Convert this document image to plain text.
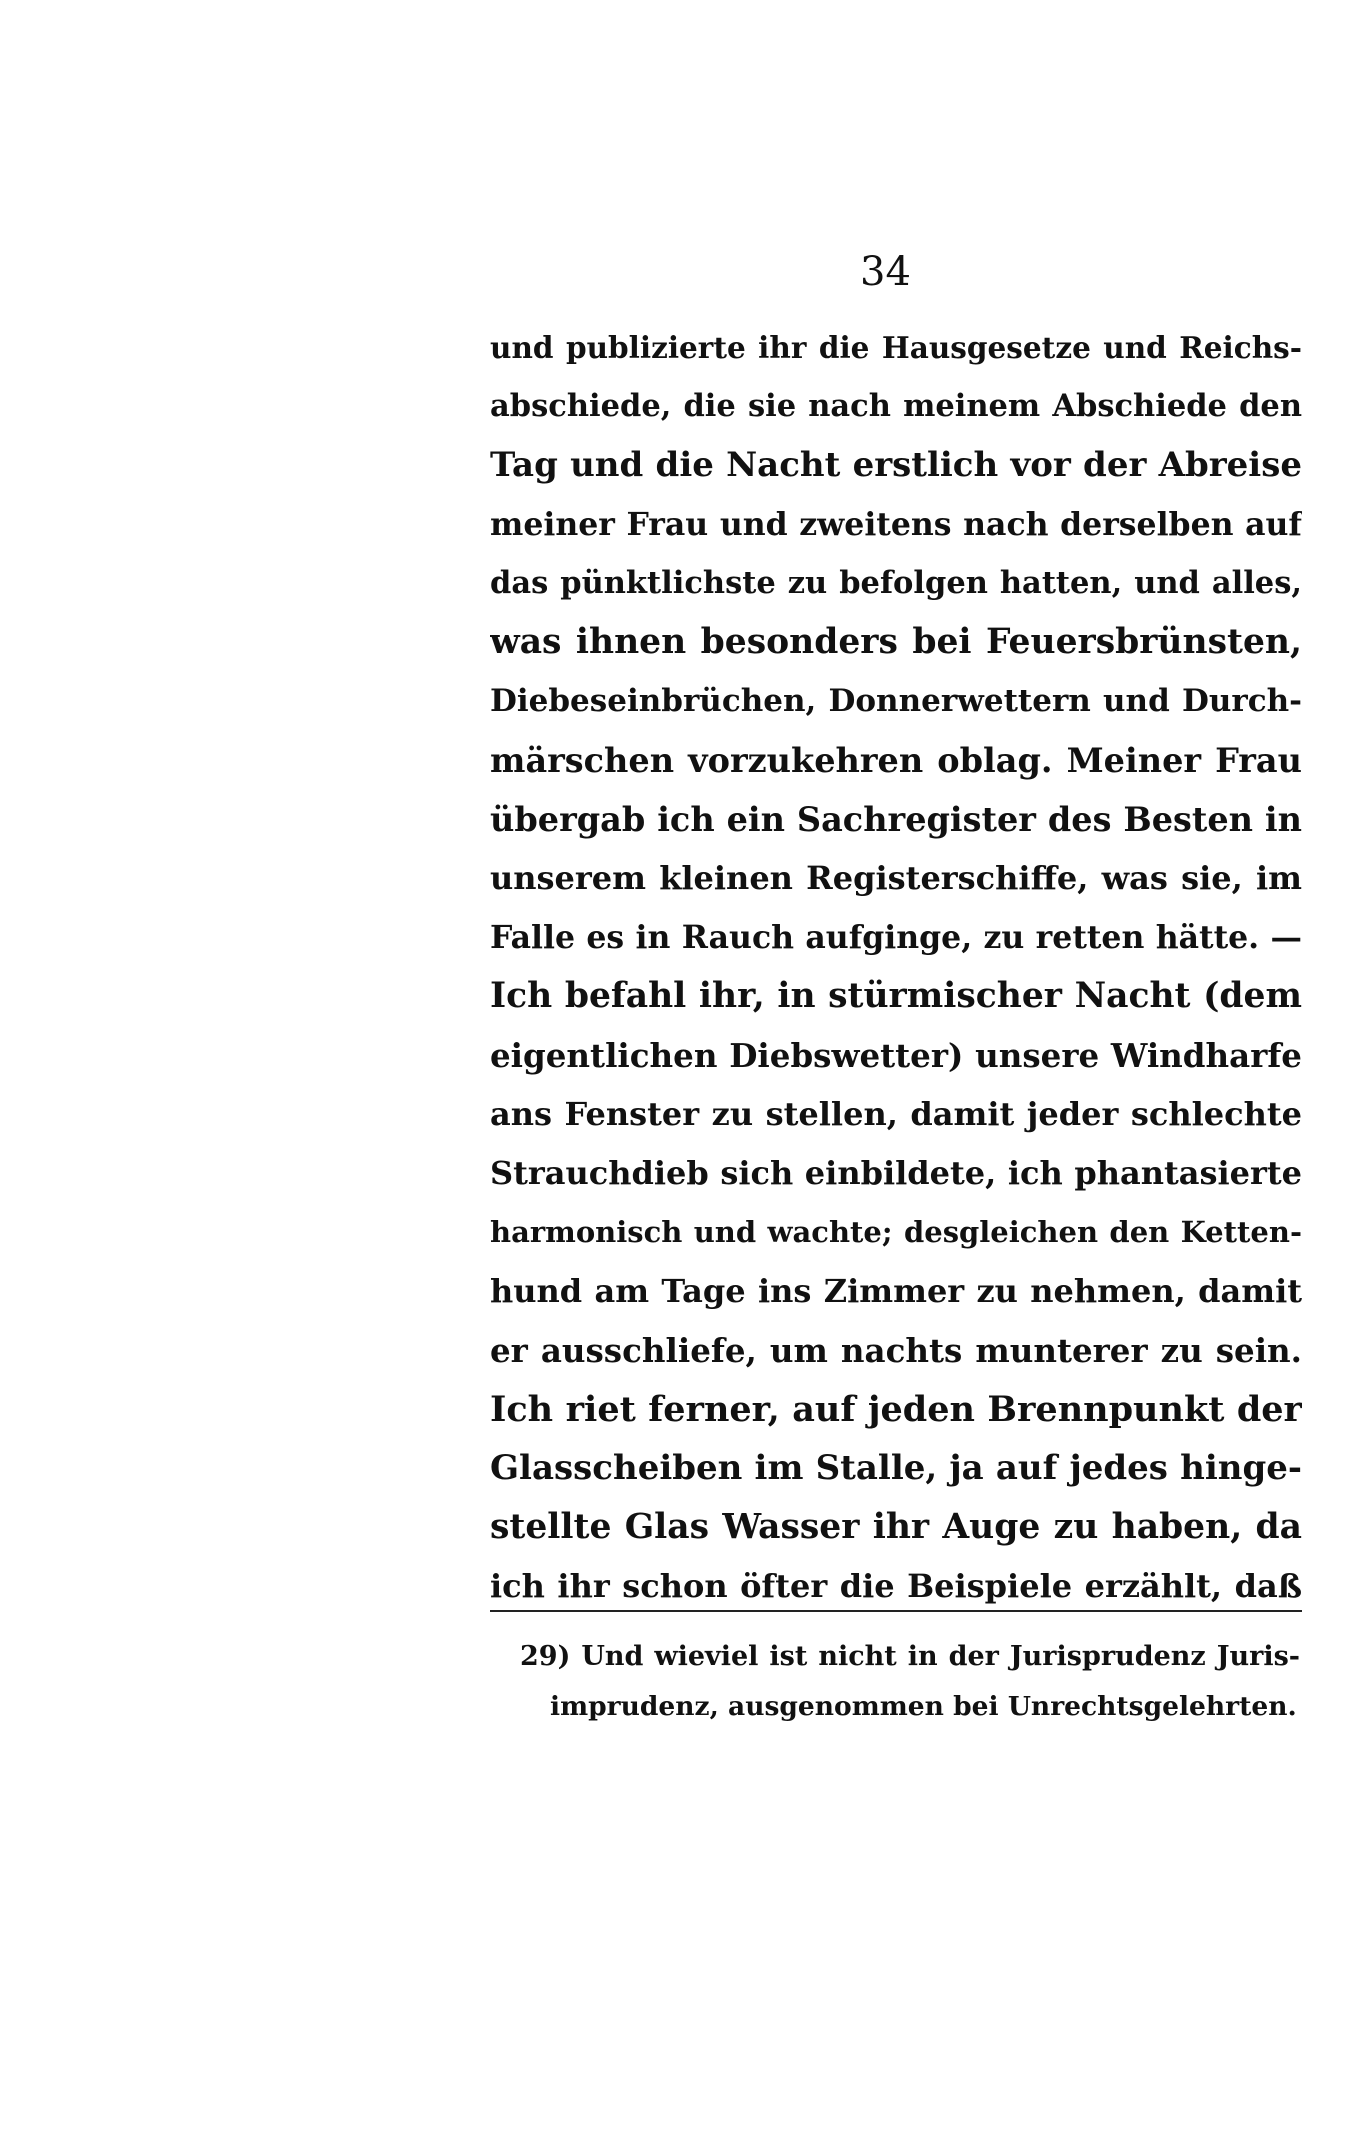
34
und publizierte ihr die Hausgesetze und Reichs-
abschiede, die sie nach meinem Abschiede den
Tag und die Nacht erstlich vor der Abreise
meiner Frau und zweitens nach derselben auf
das pünktlichste zu befolgen hatten, und alles,
was ihnen besonders bei Feuersbrünsten,
Diebeseinbrüchen, Donnerwettern und Durch-
märschen vorzukehren oblag. Meiner Frau
übergab ich ein Sachregister des Besten in
unserem kleinen Registerschiffe, was sie, im
Falle es in Rauch aufginge, zu retten hätte. —
Ich befahl ihr, in stürmischer Nacht (dem
eigentlichen Diebswetter) unsere Windharfe
ans Fenster zu stellen, damit jeder schlechte
Strauchdieb sich einbildete, ich phantasierte
harmonisch und wachte; desgleichen den Ketten-
hund am Tage ins Zimmer zu nehmen, damit
er ausschliefe, um nachts munterer zu sein.
Ich riet ferner, auf jeden Brennpunkt der
Glasscheiben im Stalle, ja auf jedes hinge-
stellte Glas Wasser ihr Auge zu haben, da
ich ihr schon öfter die Beispiele erzählt, daß
29) Und wieviel ist nicht in der Jurisprudenz Juris-
imprudenz, ausgenommen bei Unrechtsgelehrten.
